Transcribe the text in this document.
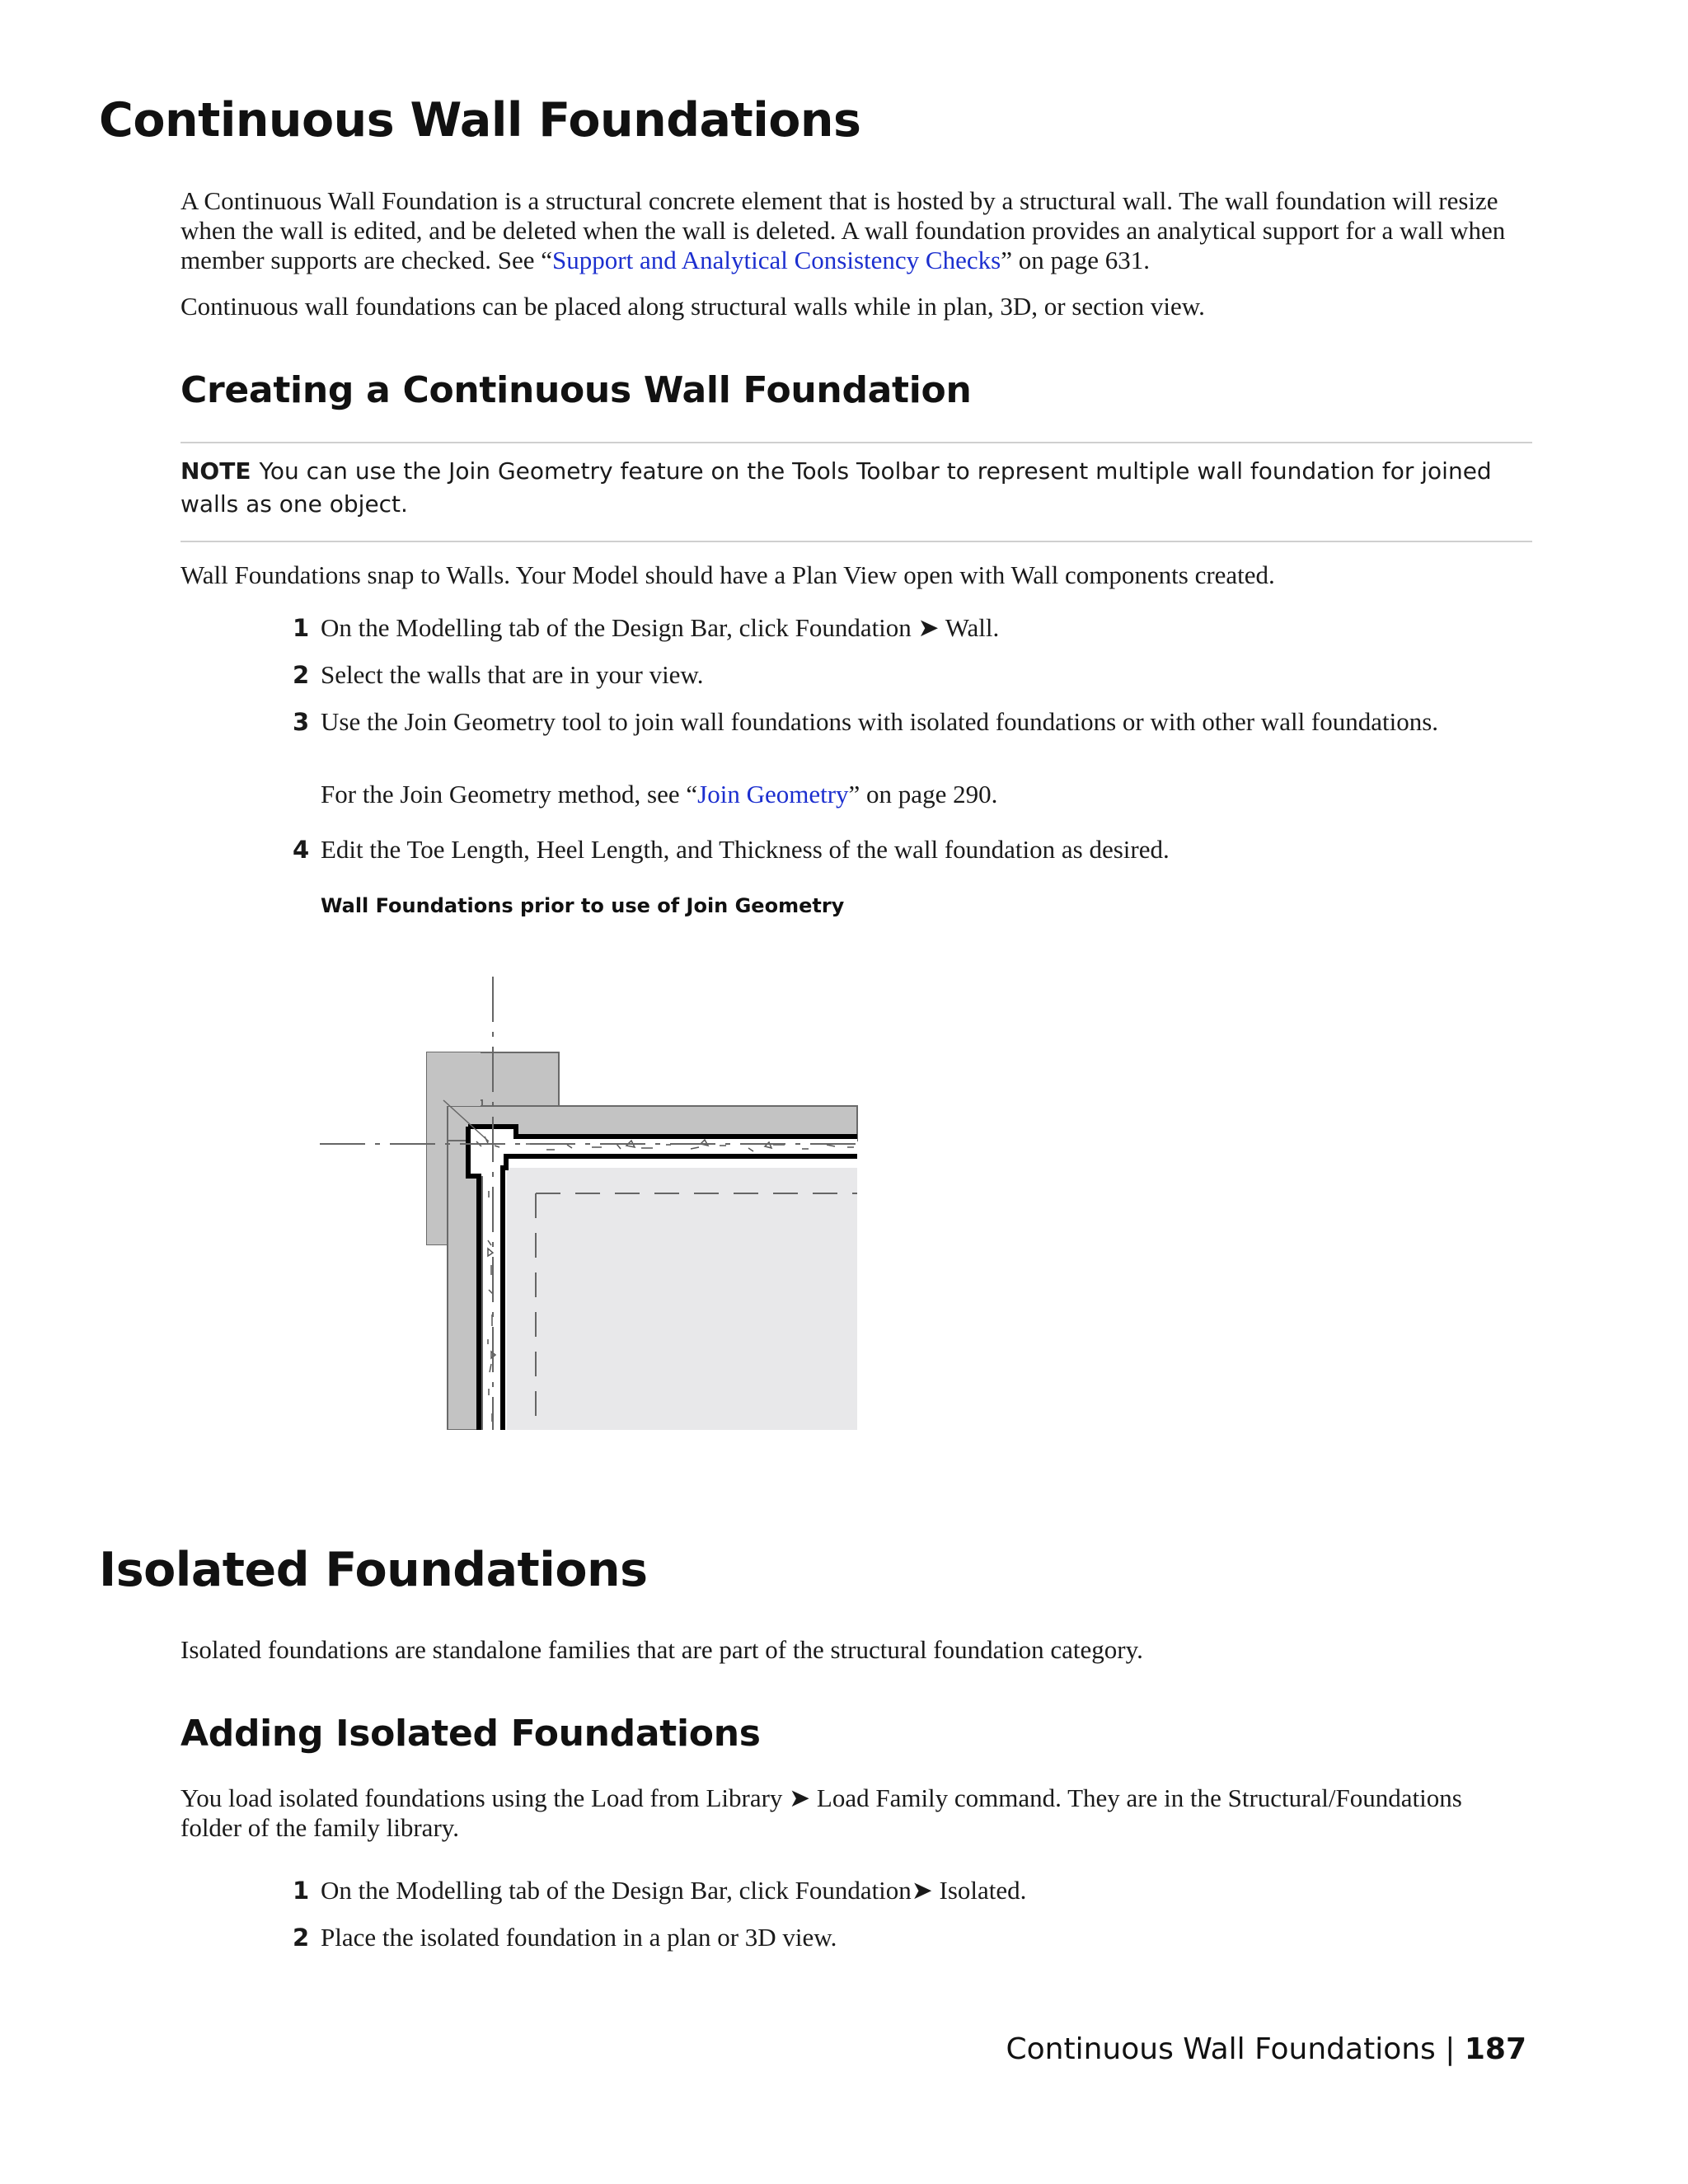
Continuous Wall Foundations
A Continuous Wall Foundation is a structural concrete element that is hosted by a structural wall. The wall foundation will resize when the wall is edited, and be deleted when the wall is deleted. A wall foundation provides an analytical support for a wall when member supports are checked. See “Support and Analytical Consistency Checks” on page 631.
Continuous wall foundations can be placed along structural walls while in plan, 3D, or section view.
Creating a Continuous Wall Foundation
NOTE You can use the Join Geometry feature on the Tools Toolbar to represent multiple wall foundation for joined walls as one object.
Wall Foundations snap to Walls. Your Model should have a Plan View open with Wall components created.
1 On the Modelling tab of the Design Bar, click Foundation ➤ Wall.
2 Select the walls that are in your view.
3 Use the Join Geometry tool to join wall foundations with isolated foundations or with other wall foundations.
For the Join Geometry method, see “Join Geometry” on page 290.
4 Edit the Toe Length, Heel Length, and Thickness of the wall foundation as desired.
Wall Foundations prior to use of Join Geometry
Isolated Foundations
Isolated foundations are standalone families that are part of the structural foundation category.
Adding Isolated Foundations
You load isolated foundations using the Load from Library ➤ Load Family command. They are in the Structural/Foundations folder of the family library.
1 On the Modelling tab of the Design Bar, click Foundation➤ Isolated.
2 Place the isolated foundation in a plan or 3D view.
Continuous Wall Foundations | 187
